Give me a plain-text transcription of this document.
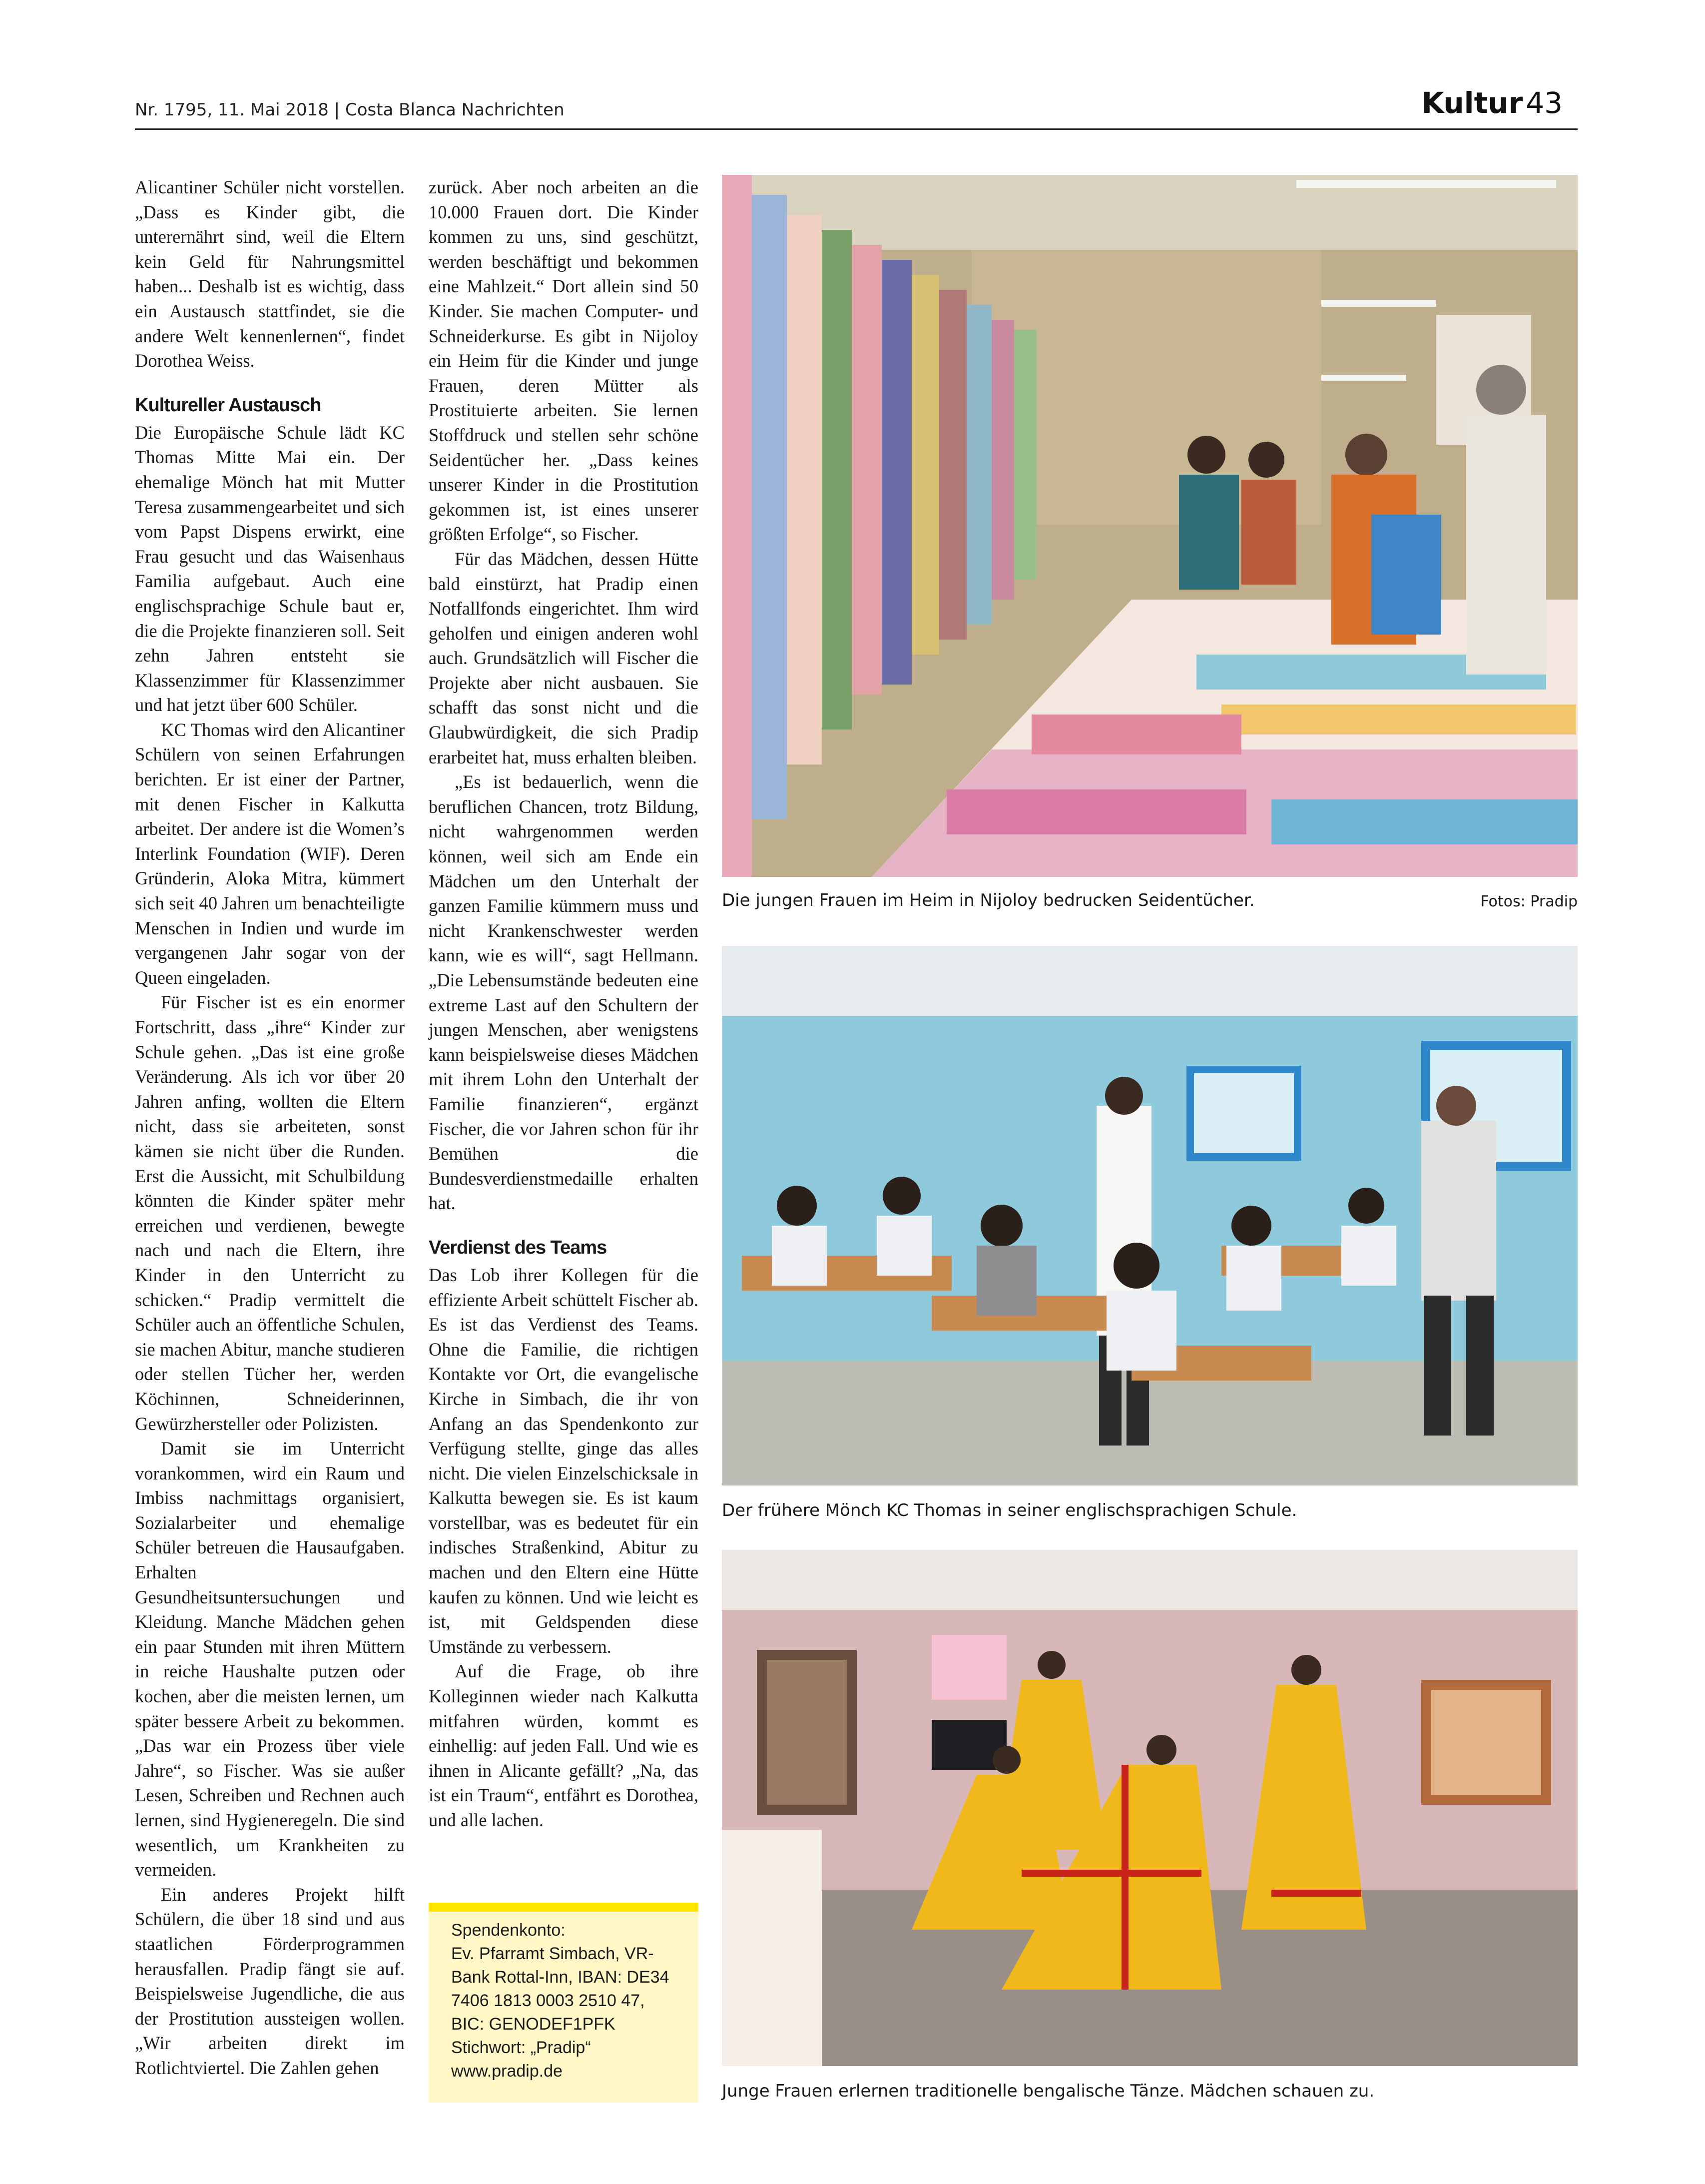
Nr. 1795, 11. Mai 2018 | Costa Blanca Nachrichten	Kultur 43

Alicantiner Schüler nicht vorstellen. „Dass es Kinder gibt, die unterernährt sind, weil die Eltern kein Geld für Nahrungsmittel haben... Deshalb ist es wichtig, dass ein Austausch stattfindet, sie die andere Welt kennenlernen“, findet Dorothea Weiss.

Kultureller Austausch

Die Europäische Schule lädt KC Thomas Mitte Mai ein. Der ehemalige Mönch hat mit Mutter Teresa zusammengearbeitet und sich vom Papst Dispens erwirkt, eine Frau gesucht und das Waisenhaus Familia aufgebaut. Auch eine englischsprachige Schule baut er, die die Projekte finanzieren soll. Seit zehn Jahren entsteht sie Klassenzimmer für Klassenzimmer und hat jetzt über 600 Schüler.

KC Thomas wird den Alicantiner Schülern von seinen Erfahrungen berichten. Er ist einer der Partner, mit denen Fischer in Kalkutta arbeitet. Der andere ist die Women’s Interlink Foundation (WIF). Deren Gründerin, Aloka Mitra, kümmert sich seit 40 Jahren um benachteiligte Menschen in Indien und wurde im vergangenen Jahr sogar von der Queen eingeladen.

Für Fischer ist es ein enormer Fortschritt, dass „ihre“ Kinder zur Schule gehen. „Das ist eine große Veränderung. Als ich vor über 20 Jahren anfing, wollten die Eltern nicht, dass sie arbeiteten, sonst kämen sie nicht über die Runden. Erst die Aussicht, mit Schulbildung könnten die Kinder später mehr erreichen und verdienen, bewegte nach und nach die Eltern, ihre Kinder in den Unterricht zu schicken.“ Pradip vermittelt die Schüler auch an öffentliche Schulen, sie machen Abitur, manche studieren oder stellen Tücher her, werden Köchinnen, Schneiderinnen, Gewürzhersteller oder Polizisten.

Damit sie im Unterricht vorankommen, wird ein Raum und Imbiss nachmittags organisiert, Sozialarbeiter und ehemalige Schüler betreuen die Hausaufgaben. Erhalten Gesundheitsuntersuchungen und Kleidung. Manche Mädchen gehen ein paar Stunden mit ihren Müttern in reiche Haushalte putzen oder kochen, aber die meisten lernen, um später bessere Arbeit zu bekommen. „Das war ein Prozess über viele Jahre“, so Fischer. Was sie außer Lesen, Schreiben und Rechnen auch lernen, sind Hygieneregeln. Die sind wesentlich, um Krankheiten zu vermeiden.

Ein anderes Projekt hilft Schülern, die über 18 sind und aus staatlichen Förderprogrammen herausfallen. Pradip fängt sie auf. Beispielsweise Jugendliche, die aus der Prostitution aussteigen wollen. „Wir arbeiten direkt im Rotlichtviertel. Die Zahlen gehen

zurück. Aber noch arbeiten an die 10.000 Frauen dort. Die Kinder kommen zu uns, sind geschützt, werden beschäftigt und bekommen eine Mahlzeit.“ Dort allein sind 50 Kinder. Sie machen Computer- und Schneiderkurse. Es gibt in Nijoloy ein Heim für die Kinder und junge Frauen, deren Mütter als Prostituierte arbeiten. Sie lernen Stoffdruck und stellen sehr schöne Seidentücher her. „Dass keines unserer Kinder in die Prostitution gekommen ist, ist eines unserer größten Erfolge“, so Fischer.

Für das Mädchen, dessen Hütte bald einstürzt, hat Pradip einen Notfallfonds eingerichtet. Ihm wird geholfen und einigen anderen wohl auch. Grundsätzlich will Fischer die Projekte aber nicht ausbauen. Sie schafft das sonst nicht und die Glaubwürdigkeit, die sich Pradip erarbeitet hat, muss erhalten bleiben.

„Es ist bedauerlich, wenn die beruflichen Chancen, trotz Bildung, nicht wahrgenommen werden können, weil sich am Ende ein Mädchen um den Unterhalt der ganzen Familie kümmern muss und nicht Krankenschwester werden kann, wie es will“, sagt Hellmann. „Die Lebensumstände bedeuten eine extreme Last auf den Schultern der jungen Menschen, aber wenigstens kann beispielsweise dieses Mädchen mit ihrem Lohn den Unterhalt der Familie finanzieren“, ergänzt Fischer, die vor Jahren schon für ihr Bemühen die Bundesverdienstmedaille erhalten hat.

Verdienst des Teams

Das Lob ihrer Kollegen für die effiziente Arbeit schüttelt Fischer ab. Es ist das Verdienst des Teams. Ohne die Familie, die richtigen Kontakte vor Ort, die evangelische Kirche in Simbach, die ihr von Anfang an das Spendenkonto zur Verfügung stellte, ginge das alles nicht. Die vielen Einzelschicksale in Kalkutta bewegen sie. Es ist kaum vorstellbar, was es bedeutet für ein indisches Straßenkind, Abitur zu machen und den Eltern eine Hütte kaufen zu können. Und wie leicht es ist, mit Geldspenden diese Umstände zu verbessern.

Auf die Frage, ob ihre Kolleginnen wieder nach Kalkutta mitfahren würden, kommt es einhellig: auf jeden Fall. Und wie es ihnen in Alicante gefällt? „Na, das ist ein Traum“, entfährt es Dorothea, und alle lachen.

Spendenkonto:
Ev. Pfarramt Simbach, VR-
Bank Rottal-Inn, IBAN: DE34
7406 1813 0003 2510 47,
BIC: GENODEF1PFK
Stichwort: „Pradip“
www.pradip.de
Die jungen Frauen im Heim in Nijoloy bedrucken Seidentücher.	Fotos: Pradip
Der frühere Mönch KC Thomas in seiner englischsprachigen Schule.
Junge Frauen erlernen traditionelle bengalische Tänze. Mädchen schauen zu.
